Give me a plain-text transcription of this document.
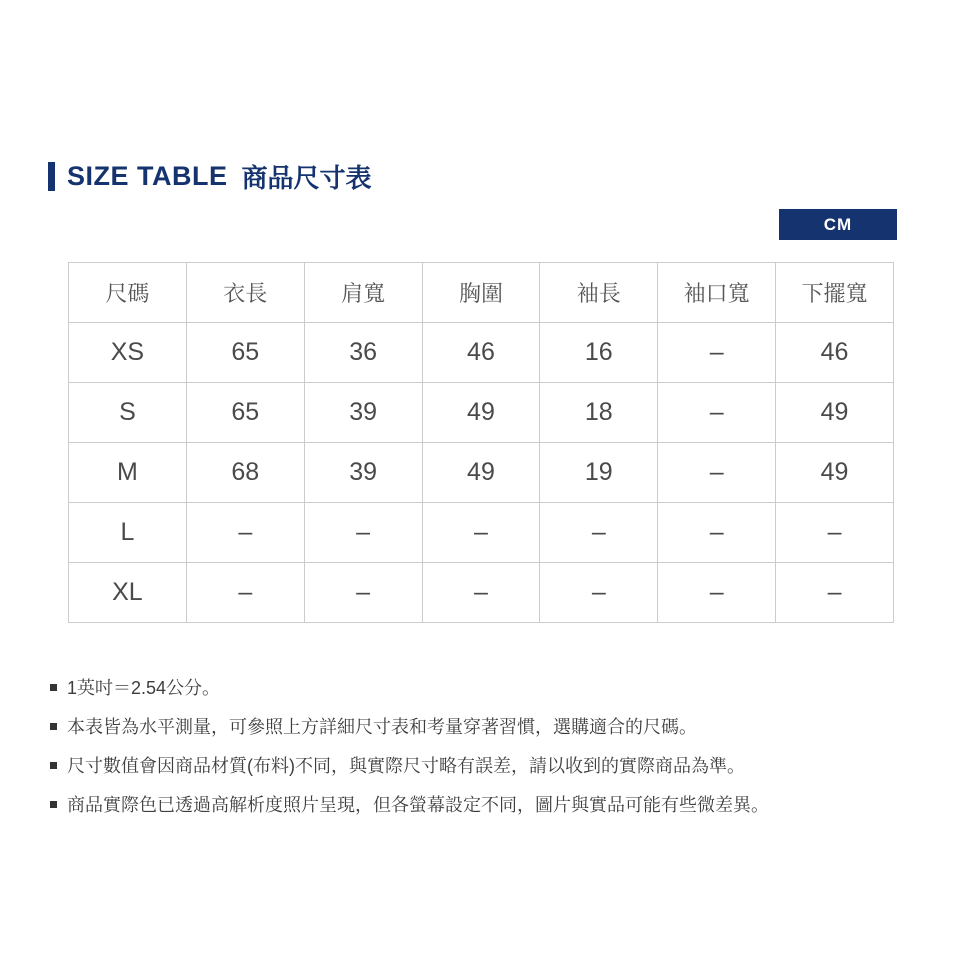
SIZE TABLE 商品尺寸表
CM
尺碼	衣長	肩寬	胸圍	袖長	袖口寬	下擺寬
XS	65	36	46	16	–	46
S	65	39	49	18	–	49
M	68	39	49	19	–	49
L	–	–	–	–	–	–
XL	–	–	–	–	–	–
1英吋＝2.54公分。
本表皆為水平測量，可參照上方詳細尺寸表和考量穿著習慣，選購適合的尺碼。
尺寸數值會因商品材質(布料)不同，與實際尺寸略有誤差，請以收到的實際商品為準。
商品實際色已透過高解析度照片呈現，但各螢幕設定不同，圖片與實品可能有些微差異。
